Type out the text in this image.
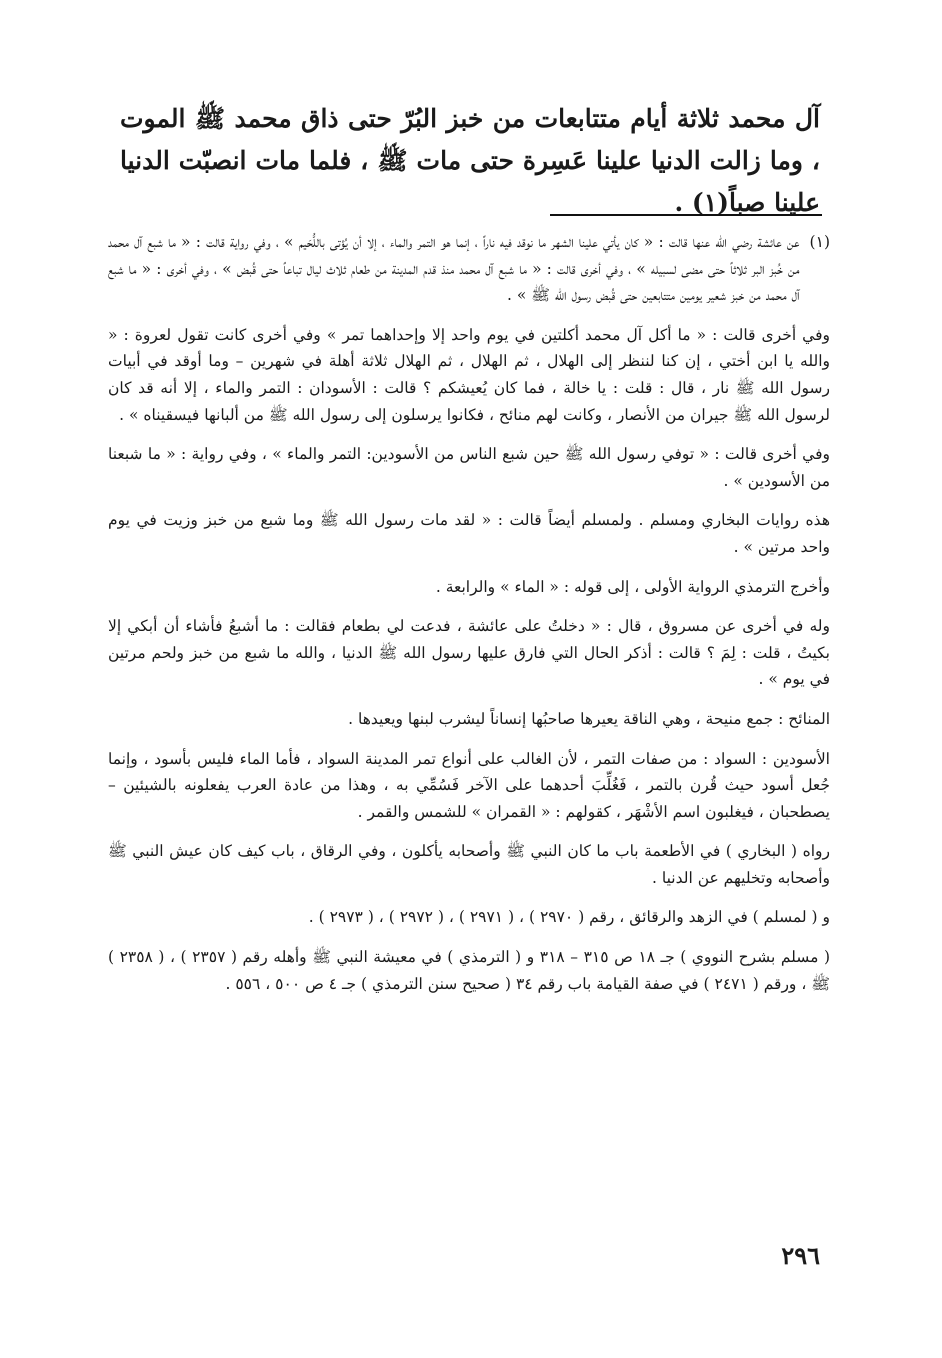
آل محمد ثلاثة أيام متتابعات من خبز البُرّ حتى ذاق محمد ﷺ الموت ، وما زالت الدنيا علينا عَسِرة حتى مات ﷺ ، فلما مات انصبّت الدنيا علينا صباً(١) .
(١)
عن عائشة رضي الله عنها قالت : « كان يأتي علينا الشهر ما نوقد فيه ناراً ، إنما هو التمر والماء ، إلا أن يُؤتى باللُّحَيم » ، وفي رواية قالت : « ما شبع آل محمد من خُبز البر ثلاثاً حتى مضى لسبيله » ، وفي أخرى قالت : « ما شبع آل محمد منذ قدم المدينة من طعام ثلاث ليال تباعاً حتى قُبض » ، وفي أخرى : « ما شبع آل محمد من خبز شعير يومين متتابعين حتى قُبض رسول الله ﷺ » .

وفي أخرى قالت : « ما أكل آل محمد أكلتين في يوم واحد إلا وإحداهما تمر » وفي أخرى كانت تقول لعروة : « والله يا ابن أختي ، إن كنا لننظر إلى الهلال ، ثم الهلال ، ثم الهلال ثلاثة أهلة في شهرين – وما أوقد في أبيات رسول الله ﷺ نار ، قال : قلت : يا خالة ، فما كان يُعيشكم ؟ قالت : الأسودان : التمر والماء ، إلا أنه قد كان لرسول الله ﷺ جيران من الأنصار ، وكانت لهم منائح ، فكانوا يرسلون إلى رسول الله ﷺ من ألبانها فيسقيناه » .

وفي أخرى قالت : « توفي رسول الله ﷺ حين شبع الناس من الأسودين: التمر والماء » ، وفي رواية : « ما شبعنا من الأسودين » .

هذه روايات البخاري ومسلم . ولمسلم أيضاً قالت : « لقد مات رسول الله ﷺ وما شبع من خبز وزيت في يوم واحد مرتين » .

وأخرج الترمذي الرواية الأولى ، إلى قوله : « الماء » والرابعة .

وله في أخرى عن مسروق ، قال : « دخلتُ على عائشة ، فدعت لي بطعام فقالت : ما أشبعُ فأشاء أن أبكي إلا بكيتُ ، قلت : لِمَ ؟ قالت : أذكر الحال التي فارق عليها رسول الله ﷺ الدنيا ، والله ما شبع من خبز ولحم مرتين في يوم » .

المنائح : جمع منيحة ، وهي الناقة يعيرها صاحبُها إنساناً ليشرب لبنها ويعيدها .

الأسودين : السواد : من صفات التمر ، لأن الغالب على أنواع تمر المدينة السواد ، فأما الماء فليس بأسود ، وإنما جُعل أسود حيث قُرن بالتمر ، فَغُلِّبَ أحدهما على الآخر فَسُمِّي به ، وهذا من عادة العرب يفعلونه بالشيئين – يصطحبان ، فيغلبون اسم الأشْهَر ، كقولهم : « القمران » للشمس والقمر .

رواه ( البخاري ) في الأطعمة باب ما كان النبي ﷺ وأصحابه يأكلون ، وفي الرقاق ، باب كيف كان عيش النبي ﷺ وأصحابه وتخليهم عن الدنيا .

و ( لمسلم ) في الزهد والرقائق ، رقم ( ٢٩٧٠ ) ، ( ٢٩٧١ ) ، ( ٢٩٧٢ ) ، ( ٢٩٧٣ ) .

( مسلم بشرح النووي ) جـ ١٨ ص ٣١٥ – ٣١٨ و ( الترمذي ) في معيشة النبي ﷺ وأهله رقم ( ٢٣٥٧ ) ، ( ٢٣٥٨ ) ﷺ ، ورقم ( ٢٤٧١ ) في صفة القيامة باب رقم ٣٤ ( صحيح سنن الترمذي ) جـ ٤ ص ٥٠٠ ، ٥٥٦ .

٢٩٦
